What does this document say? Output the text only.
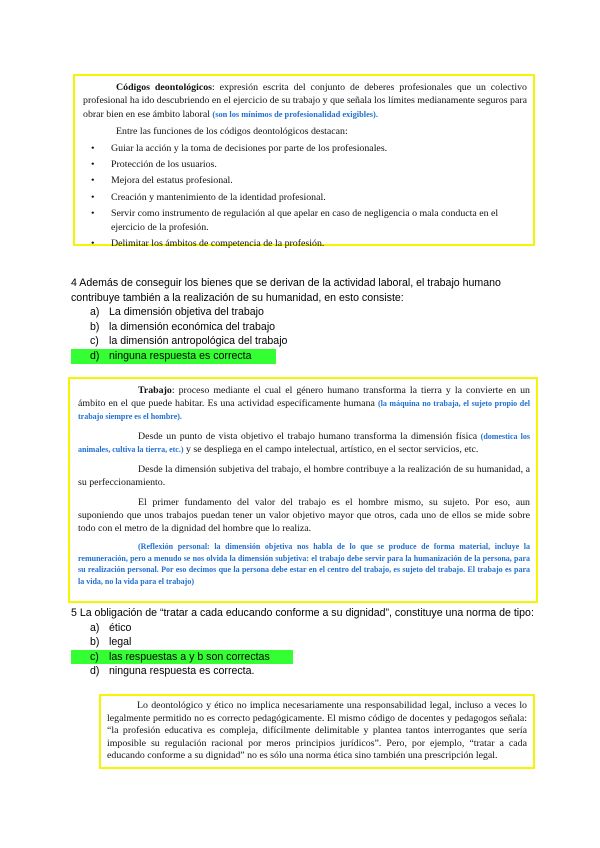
Códigos deontológicos: expresión escrita del conjunto de deberes profesionales que un colectivo profesional ha ido descubriendo en el ejercicio de su trabajo y que señala los límites medianamente seguros para obrar bien en ese ámbito laboral (son los mínimos de profesionalidad exigibles).

Entre las funciones de los códigos deontológicos destacan:

• Guiar la acción y la toma de decisiones por parte de los profesionales.
• Protección de los usuarios.
• Mejora del estatus profesional.
• Creación y mantenimiento de la identidad profesional.
• Servir como instrumento de regulación al que apelar en caso de negligencia o mala conducta en el ejercicio de la profesión.
• Delimitar los ámbitos de competencia de la profesión.

4 Además de conseguir los bienes que se derivan de la actividad laboral, el trabajo humano contribuye también a la realización de su humanidad, en esto consiste:

a) La dimensión objetiva del trabajo
b) la dimensión económica del trabajo
c) la dimensión antropológica del trabajo
d) ninguna respuesta es correcta

Trabajo: proceso mediante el cual el género humano transforma la tierra y la convierte en un ámbito en el que puede habitar. Es una actividad específicamente humana (la máquina no trabaja, el sujeto propio del trabajo siempre es el hombre).

Desde un punto de vista objetivo el trabajo humano transforma la dimensión física (domestica los animales, cultiva la tierra, etc.) y se despliega en el campo intelectual, artístico, en el sector servicios, etc.

Desde la dimensión subjetiva del trabajo, el hombre contribuye a la realización de su humanidad, a su perfeccionamiento.

El primer fundamento del valor del trabajo es el hombre mismo, su sujeto. Por eso, aun suponiendo que unos trabajos puedan tener un valor objetivo mayor que otros, cada uno de ellos se mide sobre todo con el metro de la dignidad del hombre que lo realiza.

(Reflexión personal: la dimensión objetiva nos habla de lo que se produce de forma material, incluye la remuneración, pero a menudo se nos olvida la dimensión subjetiva: el trabajo debe servir para la humanización de la persona, para su realización personal. Por eso decimos que la persona debe estar en el centro del trabajo, es sujeto del trabajo. El trabajo es para la vida, no la vida para el trabajo)

5 La obligación de “tratar a cada educando conforme a su dignidad”, constituye una norma de tipo:

a) ético
b) legal
c) las respuestas a y b son correctas
d) ninguna respuesta es correcta.

Lo deontológico y ético no implica necesariamente una responsabilidad legal, incluso a veces lo legalmente permitido no es correcto pedagógicamente. El mismo código de docentes y pedagogos señala: “la profesión educativa es compleja, difícilmente delimitable y plantea tantos interrogantes que sería imposible su regulación racional por meros principios jurídicos”. Pero, por ejemplo, “tratar a cada educando conforme a su dignidad” no es sólo una norma ética sino también una prescripción legal.
